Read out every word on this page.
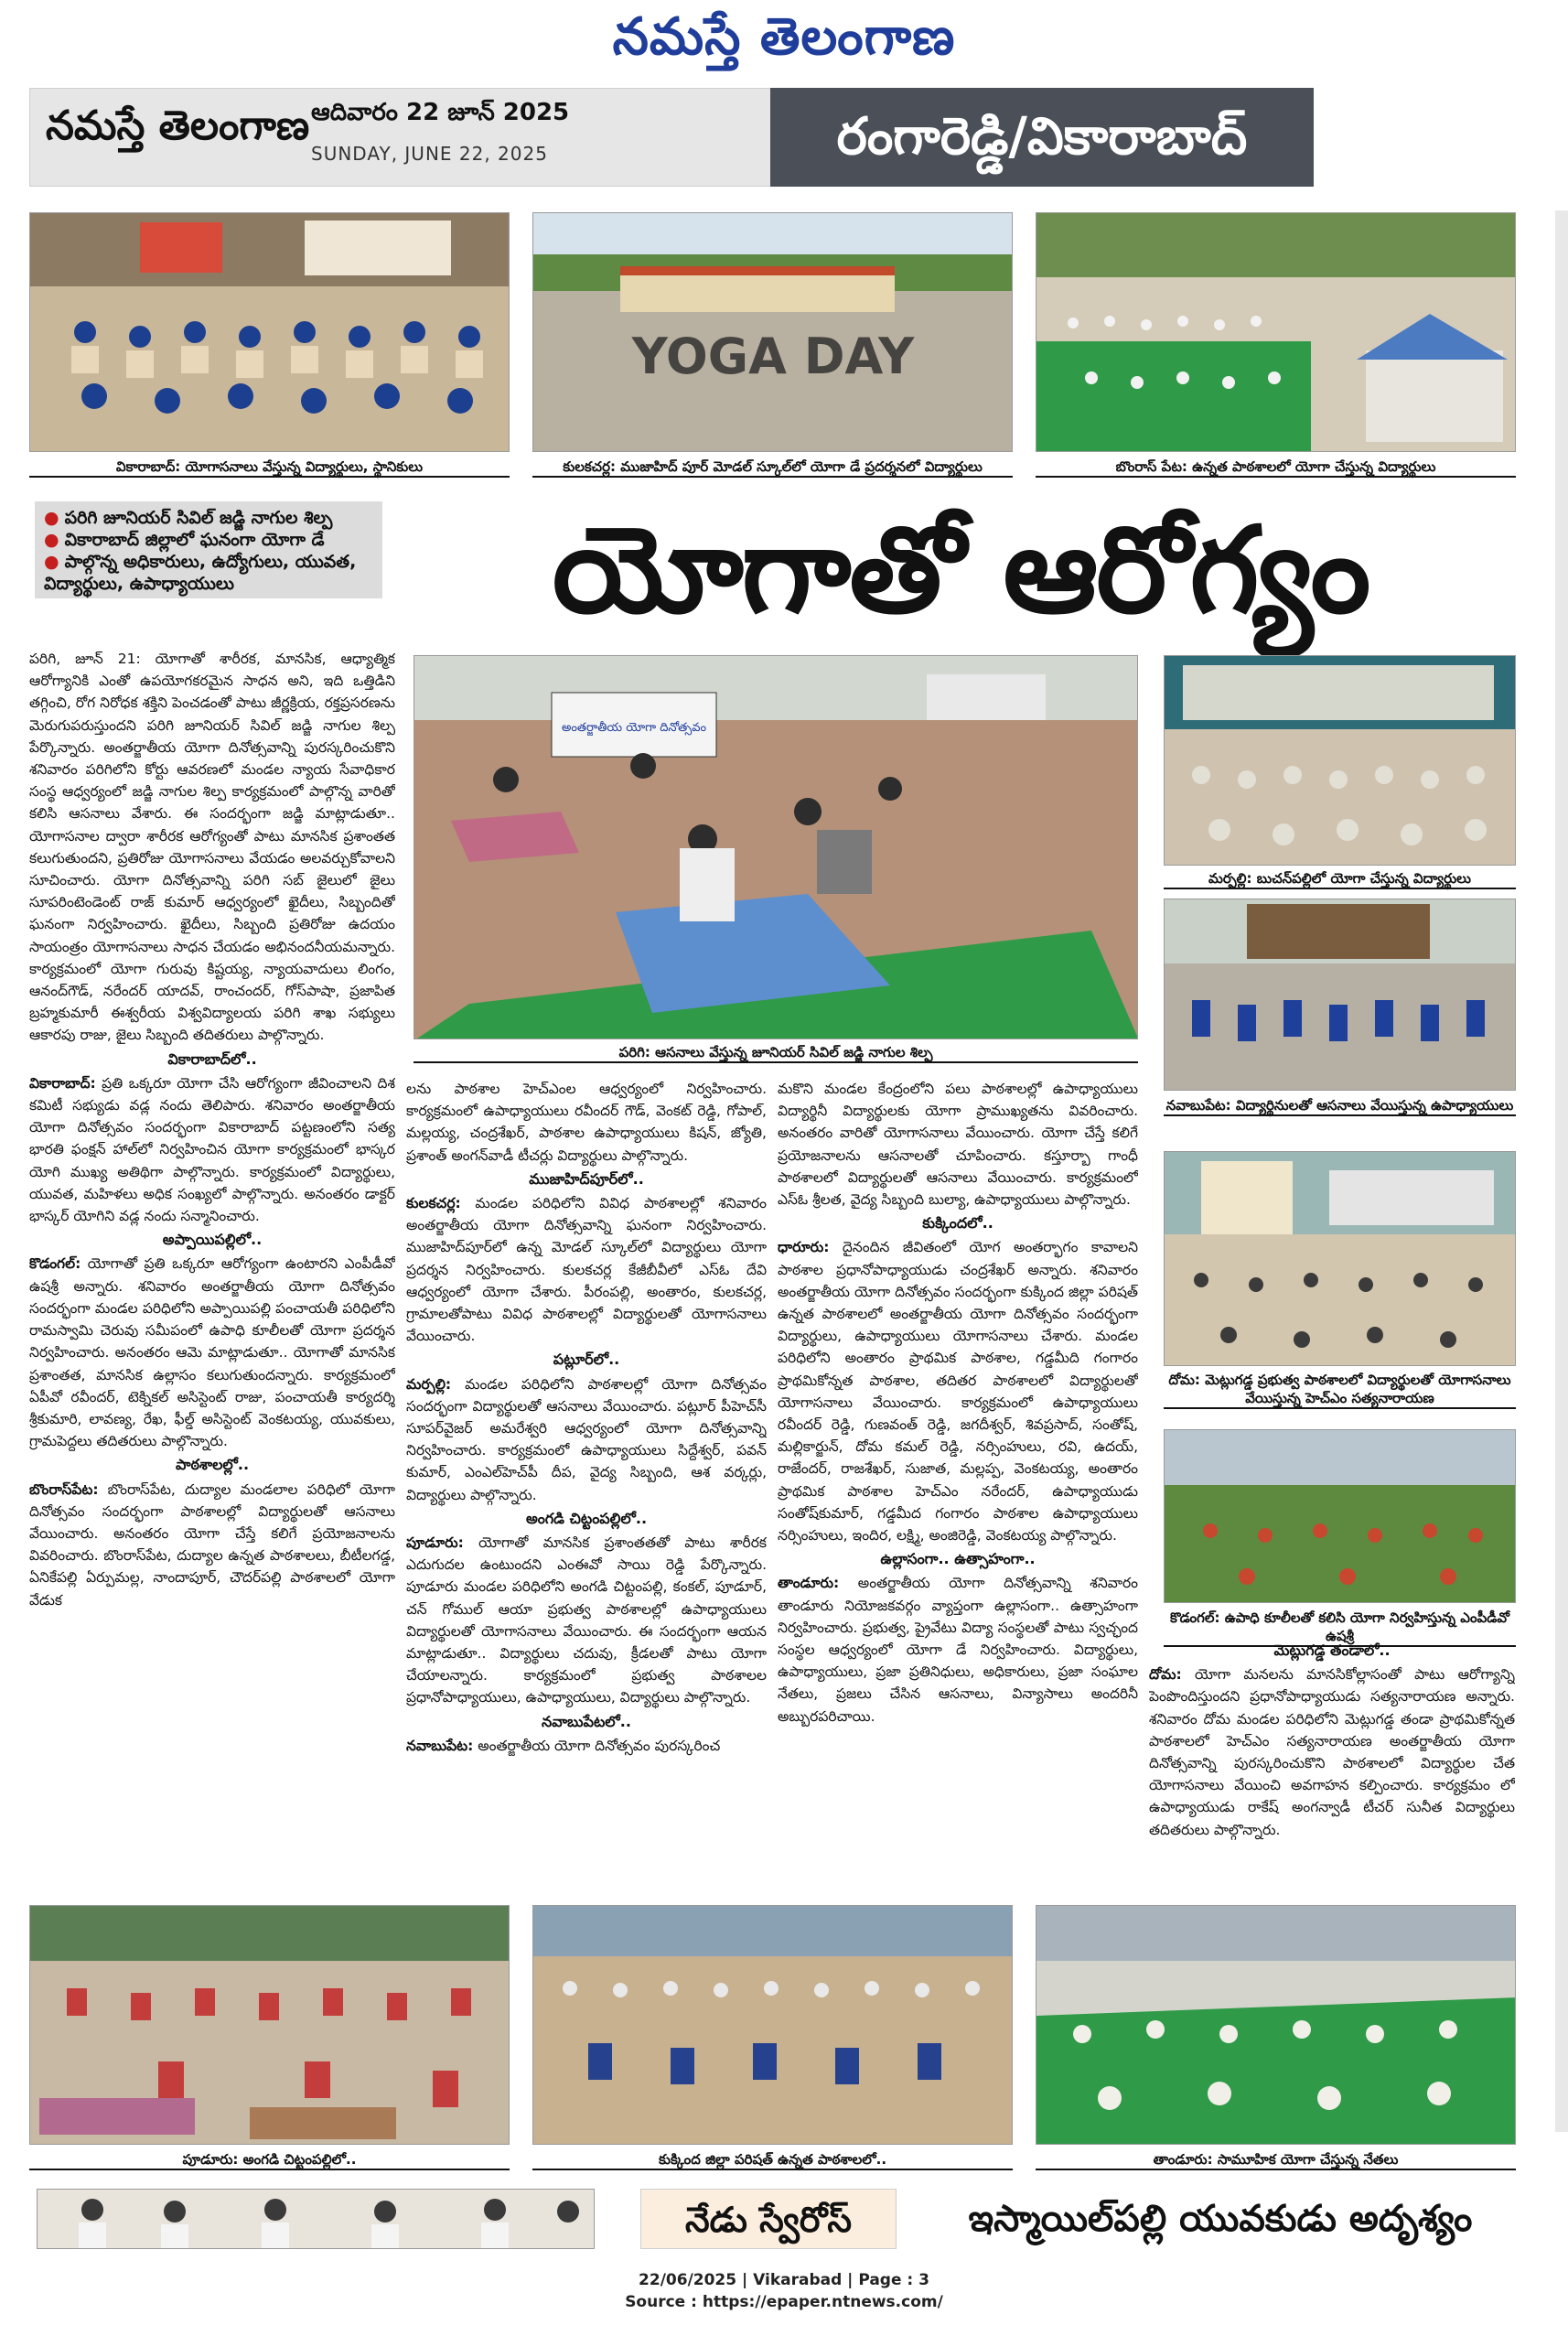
నమస్తే తెలంగాణ
నమస్తే తెలంగాణ ఆదివారం 22 జూన్ 2025
SUNDAY, JUNE 22, 2025	రంగారెడ్డి/వికారాబాద్
YOGA DAY
వికారాబాద్: యోగాసనాలు వేస్తున్న విద్యార్థులు, స్థానికులు	కులకచర్ల: ముజాహిద్ పూర్ మోడల్ స్కూల్‌లో యోగా డే ప్రదర్శనలో విద్యార్థులు	బొంరాస్ పేట: ఉన్నత పాఠశాలలో యోగా చేస్తున్న విద్యార్థులు
● పరిగి జూనియర్ సివిల్ జడ్జి నాగుల శిల్ప
● వికారాబాద్ జిల్లాలో ఘనంగా యోగా డే
● పాల్గొన్న అధికారులు, ఉద్యోగులు, యువత, విద్యార్థులు, ఉపాధ్యాయులు	యోగాతో ఆరోగ్యం
అంతర్జాతీయ యోగా దినోత్సవం
పరిగి: ఆసనాలు వేస్తున్న జూనియర్ సివిల్ జడ్జి నాగుల శిల్ప
మర్పల్లి: బుచన్‌పల్లిలో యోగా చేస్తున్న విద్యార్థులు
నవాబుపేట: విద్యార్థినులతో ఆసనాలు వేయిస్తున్న ఉపాధ్యాయులు
దోమ: మెట్లుగడ్డ ప్రభుత్వ పాఠశాలలో విద్యార్థులతో యోగాసనాలు వేయిస్తున్న హెచ్ఎం సత్యనారాయణ
కొడంగల్: ఉపాధి కూలీలతో కలిసి యోగా నిర్వహిస్తున్న ఎంపీడీవో ఉషశ్రీ

పరిగి, జూన్ 21: యోగాతో శారీరక, మానసిక, ఆధ్యాత్మిక ఆరోగ్యానికి ఎంతో ఉపయోగకరమైన సాధన అని, ఇది ఒత్తిడిని తగ్గించి, రోగ నిరోధక శక్తిని పెంచడంతో పాటు జీర్ణక్రియ, రక్తప్రసరణను మెరుగుపరుస్తుందని పరిగి జూనియర్ సివిల్ జడ్జి నాగుల శిల్ప పేర్కొన్నారు. అంతర్జాతీయ యోగా దినోత్సవాన్ని పురస్కరించుకొని శనివారం పరిగిలోని కోర్టు ఆవరణలో మండల న్యాయ సేవాధికార సంస్థ ఆధ్వర్యంలో జడ్జి నాగుల శిల్ప కార్యక్రమంలో పాల్గొన్న వారితో కలిసి ఆసనాలు వేశారు. ఈ సందర్భంగా జడ్జి మాట్లాడుతూ.. యోగాసనాల ద్వారా శారీరక ఆరోగ్యంతో పాటు మానసిక ప్రశాంతత కలుగుతుందని, ప్రతిరోజు యోగాసనాలు వేయడం అలవర్చుకోవాలని సూచించారు. యోగా దినోత్సవాన్ని పరిగి సబ్ జైలులో జైలు సూపరింటెండెంట్ రాజ్ కుమార్ ఆధ్వర్యంలో ఖైదీలు, సిబ్బందితో ఘనంగా నిర్వహించారు. ఖైదీలు, సిబ్బంది ప్రతిరోజు ఉదయం సాయంత్రం యోగాసనాలు సాధన చేయడం అభినందనీయమన్నారు. కార్యక్రమంలో యోగా గురువు కిష్టయ్య, న్యాయవాదులు లింగం, ఆనంద్‌గౌడ్, నరేందర్ యాదవ్, రాంచందర్, గోస్‌పాషా, ప్రజాపిత బ్రహ్మకుమారీ ఈశ్వరీయ విశ్వవిద్యాలయ పరిగి శాఖ సభ్యులు ఆకారపు రాజు, జైలు సిబ్బంది తదితరులు పాల్గొన్నారు.

వికారాబాద్‌లో..

వికారాబాద్: ప్రతి ఒక్కరూ యోగా చేసి ఆరోగ్యంగా జీవించాలని దిశ కమిటీ సభ్యుడు వడ్ల నందు తెలిపారు. శనివారం అంతర్జాతీయ యోగా దినోత్సవం సందర్భంగా వికారాబాద్ పట్టణంలోని సత్య భారతి ఫంక్షన్ హాల్‌లో నిర్వహించిన యోగా కార్యక్రమంలో భాస్కర యోగి ముఖ్య అతిథిగా పాల్గొన్నారు. కార్యక్రమంలో విద్యార్థులు, యువత, మహిళలు అధిక సంఖ్యలో పాల్గొన్నారు. అనంతరం డాక్టర్ భాస్కర్ యోగిని వడ్ల నందు సన్మానించారు.

అప్పాయిపల్లిలో..

కొడంగల్: యోగాతో ప్రతి ఒక్కరూ ఆరోగ్యంగా ఉంటారని ఎంపీడీవో ఉషశ్రీ అన్నారు. శనివారం అంతర్జాతీయ యోగా దినోత్సవం సందర్భంగా మండల పరిధిలోని అప్పాయిపల్లి పంచాయతీ పరిధిలోని రామస్వామి చెరువు సమీపంలో ఉపాధి కూలీలతో యోగా ప్రదర్శన నిర్వహించారు. అనంతరం ఆమె మాట్లాడుతూ.. యోగాతో మానసిక ప్రశాంతత, మానసిక ఉల్లాసం కలుగుతుందన్నారు. కార్యక్రమంలో ఏపీవో రవీందర్, టెక్నికల్ అసిస్టెంట్ రాజు, పంచాయతీ కార్యదర్శి శ్రీకుమారి, లావణ్య, రేఖ, ఫీల్డ్ అసిస్టెంట్ వెంకటయ్య, యువకులు, గ్రామపెద్దలు తదితరులు పాల్గొన్నారు.

పాఠశాలల్లో..

బొంరాస్‌పేట: బొంరాస్‌పేట, దుద్యాల మండలాల పరిధిలో యోగా దినోత్సవం సందర్భంగా పాఠశాలల్లో విద్యార్థులతో ఆసనాలు వేయించారు. అనంతరం యోగా చేస్తే కలిగే ప్రయోజనాలను వివరించారు. బొంరాస్‌పేట, దుద్యాల ఉన్నత పాఠశాలలు, బీటీలగడ్డ, ఏనికేపల్లి ఏర్పుమల్ల, నాందాపూర్, చౌదర్‌పల్లి పాఠశాలలో యోగా వేడుక

లను పాఠశాల హెచ్‌ఎంల ఆధ్వర్యంలో నిర్వహించారు. కార్యక్రమంలో ఉపాధ్యాయులు రవీందర్ గౌడ్, వెంకట్ రెడ్డి, గోపాల్, మల్లయ్య, చంద్రశేఖర్, పాఠశాల ఉపాధ్యాయులు కిషన్, జ్యోతి, ప్రశాంత్ అంగన్‌వాడీ టీచర్లు విద్యార్థులు పాల్గొన్నారు.

ముజాహిద్‌పూర్‌లో..

కులకచర్ల: మండల పరిధిలోని వివిధ పాఠశాలల్లో శనివారం అంతర్జాతీయ యోగా దినోత్సవాన్ని ఘనంగా నిర్వహించారు. ముజాహిద్‌పూర్‌లో ఉన్న మోడల్ స్కూల్‌లో విద్యార్థులు యోగా ప్రదర్శన నిర్వహించారు. కులకచర్ల కేజీబీవీలో ఎస్ఓ దేవి ఆధ్వర్యంలో యోగా చేశారు. పీరంపల్లి, అంతారం, కులకచర్ల, గ్రామాలతోపాటు వివిధ పాఠశాలల్లో విద్యార్థులతో యోగాసనాలు వేయించారు.

పట్లూర్‌లో..

మర్పల్లి: మండల పరిధిలోని పాఠశాలల్లో యోగా దినోత్సవం సందర్భంగా విద్యార్థులతో ఆసనాలు వేయించారు. పట్లూర్ పీహెచ్‌సీ సూపర్‌వైజర్ అమరేశ్వరి ఆధ్వర్యంలో యోగా దినోత్సవాన్ని నిర్వహించారు. కార్యక్రమంలో ఉపాధ్యాయులు సిద్దేశ్వర్, పవన్ కుమార్, ఎంఎల్‌హెచ్‌పీ దీప, వైద్య సిబ్బంది, ఆశ వర్కర్లు, విద్యార్థులు పాల్గొన్నారు.

అంగడి చిట్టంపల్లిలో..

పూడూరు: యోగాతో మానసిక ప్రశాంతతతో పాటు శారీరక ఎదుగుదల ఉంటుందని ఎంఈవో సాయి రెడ్డి పేర్కొన్నారు. పూడూరు మండల పరిధిలోని అంగడి చిట్టంపల్లి, కంకల్, పూడూర్, చన్ గోముల్ ఆయా ప్రభుత్వ పాఠశాలల్లో ఉపాధ్యాయులు విద్యార్థులతో యోగాసనాలు వేయించారు. ఈ సందర్భంగా ఆయన మాట్లాడుతూ.. విద్యార్థులు చదువు, క్రీడలతో పాటు యోగా చేయాలన్నారు. కార్యక్రమంలో ప్రభుత్వ పాఠశాలల ప్రధానోపాధ్యాయులు, ఉపాధ్యాయులు, విద్యార్థులు పాల్గొన్నారు.

నవాబుపేటలో..

నవాబుపేట: అంతర్జాతీయ యోగా దినోత్సవం పురస్కరించ

మకొని మండల కేంద్రంలోని పలు పాఠశాలల్లో ఉపాధ్యాయులు విద్యార్థినీ విద్యార్థులకు యోగా ప్రాముఖ్యతను వివరించారు. అనంతరం వారితో యోగాసనాలు వేయించారు. యోగా చేస్తే కలిగే ప్రయోజనాలను ఆసనాలతో చూపించారు. కస్తూర్బా గాంధీ పాఠశాలలో విద్యార్థులతో ఆసనాలు వేయించారు. కార్యక్రమంలో ఎస్ఓ శ్రీలత, వైద్య సిబ్బంది బుల్యా, ఉపాధ్యాయులు పాల్గొన్నారు.

కుక్కిందలో..

ధారూరు: దైనందిన జీవితంలో యోగ అంతర్భాగం కావాలని పాఠశాల ప్రధానోపాధ్యాయుడు చంద్రశేఖర్ అన్నారు. శనివారం అంతర్జాతీయ యోగా దినోత్సవం సందర్భంగా కుక్కింద జిల్లా పరిషత్ ఉన్నత పాఠశాలలో అంతర్జాతీయ యోగా దినోత్సవం సందర్భంగా విద్యార్థులు, ఉపాధ్యాయులు యోగాసనాలు చేశారు. మండల పరిధిలోని అంతారం ప్రాథమిక పాఠశాల, గడ్డమీది గంగారం ప్రాథమికోన్నత పాఠశాల, తదితర పాఠశాలలో విద్యార్థులతో యోగాసనాలు వేయించారు. కార్యక్రమంలో ఉపాధ్యాయులు రవీందర్ రెడ్డి, గుణవంత్ రెడ్డి, జగదీశ్వర్, శివప్రసాద్, సంతోష్, మల్లికార్జున్, దోమ కమల్ రెడ్డి, నర్సింహులు, రవి, ఉదయ్, రాజేందర్, రాజశేఖర్, సుజాత, మల్లప్ప, వెంకటయ్య, అంతారం ప్రాథమిక పాఠశాల హెచ్‌ఎం నరేందర్, ఉపాధ్యాయుడు సంతోష్‌కుమార్, గడ్డమీద గంగారం పాఠశాల ఉపాధ్యాయులు నర్సింహులు, ఇందిర, లక్ష్మి, అంజిరెడ్డి, వెంకటయ్య పాల్గొన్నారు.

ఉల్లాసంగా.. ఉత్సాహంగా..

తాండూరు: అంతర్జాతీయ యోగా దినోత్సవాన్ని శనివారం తాండూరు నియోజకవర్గం వ్యాప్తంగా ఉల్లాసంగా.. ఉత్సాహంగా నిర్వహించారు. ప్రభుత్వ, ప్రైవేటు విద్యా సంస్థలతో పాటు స్వచ్ఛంద సంస్థల ఆధ్వర్యంలో యోగా డే నిర్వహించారు. విద్యార్థులు, ఉపాధ్యాయులు, ప్రజా ప్రతినిధులు, అధికారులు, ప్రజా సంఘాల నేతలు, ప్రజలు చేసిన ఆసనాలు, విన్యాసాలు అందరినీ అబ్బురపరిచాయి.

మెట్లుగడ్డ తండాలో..

దోమ: యోగా మనలను మానసికోల్లాసంతో పాటు ఆరోగ్యాన్ని పెంపొందిస్తుందని ప్రధానోపాధ్యాయుడు సత్యనారాయణ అన్నారు. శనివారం దోమ మండల పరిధిలోని మెట్లుగడ్డ తండా ప్రాథమికోన్నత పాఠశాలలో హెచ్‌ఎం సత్యనారాయణ అంతర్జాతీయ యోగా దినోత్సవాన్ని పురస్కరించుకొని పాఠశాలలో విద్యార్థుల చేత యోగాసనాలు వేయించి అవగాహన కల్పించారు. కార్యక్రమం లో ఉపాధ్యాయుడు రాకేష్ అంగన్వాడీ టీచర్ సునీత విద్యార్థులు తదితరులు పాల్గొన్నారు.

పూడూరు: అంగడి చిట్టంపల్లిలో..	కుక్కింద జిల్లా పరిషత్ ఉన్నత పాఠశాలలో..	తాండూరు: సామూహిక యోగా చేస్తున్న నేతలు
నేడు స్వేరోస్	ఇస్మాయిల్‌పల్లి యువకుడు అదృశ్యం
22/06/2025 | Vikarabad | Page : 3
Source : https://epaper.ntnews.com/
